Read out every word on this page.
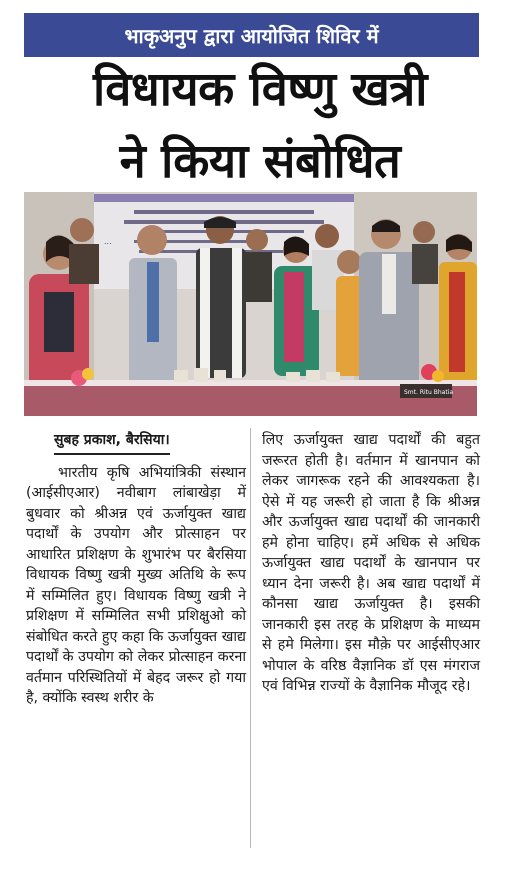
भाकृअनुप द्वारा आयोजित शिविर में
विधायक विष्णु खत्री
ने किया संबोधित
...
Smt. Ritu Bhatia
सुबह प्रकाश, बैरसिया।

भारतीय कृषि अभियांत्रिकी संस्थान (आईसीएआर) नवीबाग लांबाखेड़ा में बुधवार को श्रीअन्न एवं ऊर्जायुक्त खाद्य पदार्थों के उपयोग और प्रोत्साहन पर आधारित प्रशिक्षण के शुभारंभ पर बैरसिया विधायक विष्णु खत्री मुख्य अतिथि के रूप में सम्मिलित हुए। विधायक विष्णु खत्री ने प्रशिक्षण में सम्मिलित सभी प्रशिक्षुओ को संबोधित करते हुए कहा कि ऊर्जायुक्त खाद्य पदार्थों के उपयोग को लेकर प्रोत्साहन करना वर्तमान परिस्थितियों में बेहद जरूर हो गया है, क्योंकि स्वस्थ शरीर के

लिए ऊर्जायुक्त खाद्य पदार्थों की बहुत जरूरत होती है। वर्तमान में खानपान को लेकर जागरूक रहने की आवश्यकता है। ऐसे में यह जरूरी हो जाता है कि श्रीअन्न और ऊर्जायुक्त खाद्य पदार्थों की जानकारी हमे होना चाहिए। हमें अधिक से अधिक ऊर्जायुक्त खाद्य पदार्थों के खानपान पर ध्यान देना जरूरी है। अब खाद्य पदार्थों में कौनसा खाद्य ऊर्जायुक्त है। इसकी जानकारी इस तरह के प्रशिक्षण के माध्यम से हमे मिलेगा। इस मौक़े पर आईसीएआर भोपाल के वरिष्ठ वैज्ञानिक डॉ एस मंगराज एवं विभिन्न राज्यों के वैज्ञानिक मौजूद रहे।
